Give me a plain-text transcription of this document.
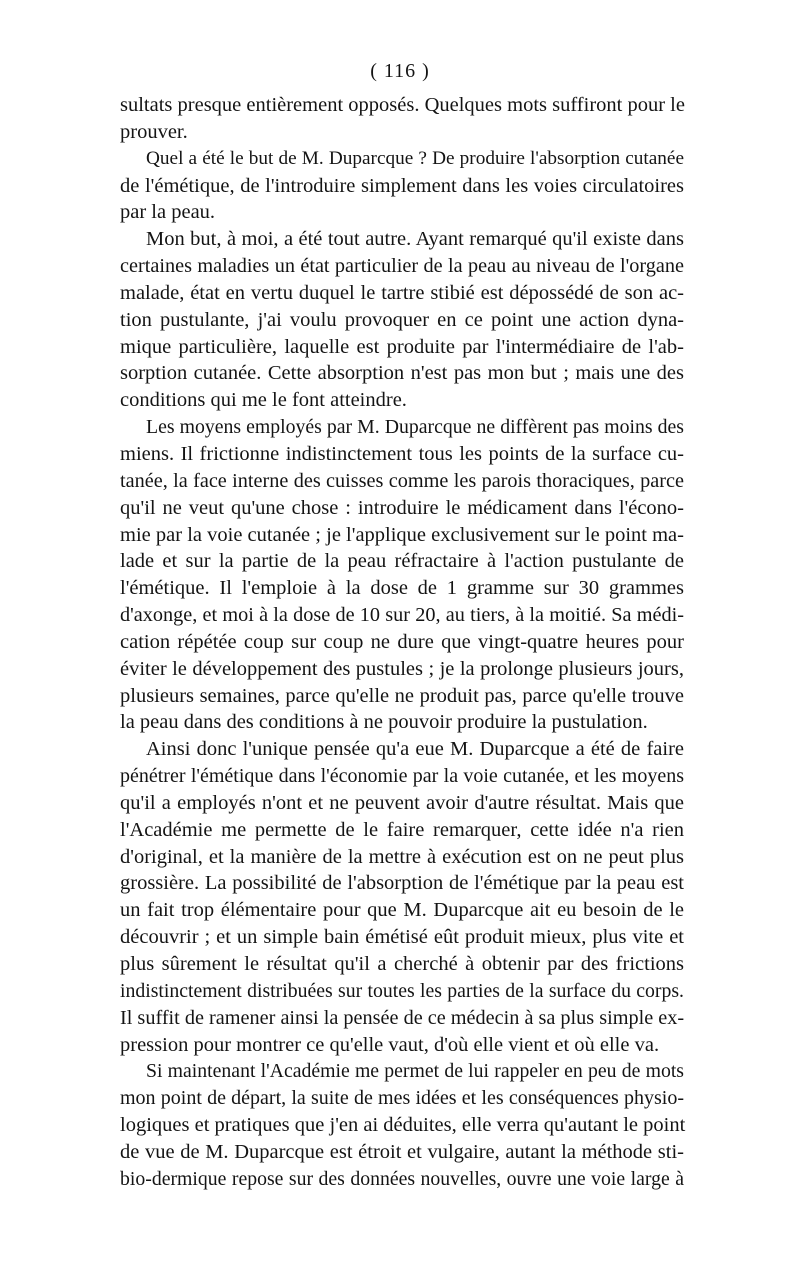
( 116 )
sultats presque entièrement opposés. Quelques mots suffiront pour le
prouver.
Quel a été le but de M. Duparcque ? De produire l'absorption cutanée
de l'émétique, de l'introduire simplement dans les voies circulatoires
par la peau.
Mon but, à moi, a été tout autre. Ayant remarqué qu'il existe dans
certaines maladies un état particulier de la peau au niveau de l'organe
malade, état en vertu duquel le tartre stibié est dépossédé de son ac-
tion pustulante, j'ai voulu provoquer en ce point une action dyna-
mique particulière, laquelle est produite par l'intermédiaire de l'ab-
sorption cutanée. Cette absorption n'est pas mon but ; mais une des
conditions qui me le font atteindre.
Les moyens employés par M. Duparcque ne diffèrent pas moins des
miens. Il frictionne indistinctement tous les points de la surface cu-
tanée, la face interne des cuisses comme les parois thoraciques, parce
qu'il ne veut qu'une chose : introduire le médicament dans l'écono-
mie par la voie cutanée ; je l'applique exclusivement sur le point ma-
lade et sur la partie de la peau réfractaire à l'action pustulante de
l'émétique. Il l'emploie à la dose de 1 gramme sur 30 grammes
d'axonge, et moi à la dose de 10 sur 20, au tiers, à la moitié. Sa médi-
cation répétée coup sur coup ne dure que vingt-quatre heures pour
éviter le développement des pustules ; je la prolonge plusieurs jours,
plusieurs semaines, parce qu'elle ne produit pas, parce qu'elle trouve
la peau dans des conditions à ne pouvoir produire la pustulation.
Ainsi donc l'unique pensée qu'a eue M. Duparcque a été de faire
pénétrer l'émétique dans l'économie par la voie cutanée, et les moyens
qu'il a employés n'ont et ne peuvent avoir d'autre résultat. Mais que
l'Académie me permette de le faire remarquer, cette idée n'a rien
d'original, et la manière de la mettre à exécution est on ne peut plus
grossière. La possibilité de l'absorption de l'émétique par la peau est
un fait trop élémentaire pour que M. Duparcque ait eu besoin de le
découvrir ; et un simple bain émétisé eût produit mieux, plus vite et
plus sûrement le résultat qu'il a cherché à obtenir par des frictions
indistinctement distribuées sur toutes les parties de la surface du corps.
Il suffit de ramener ainsi la pensée de ce médecin à sa plus simple ex-
pression pour montrer ce qu'elle vaut, d'où elle vient et où elle va.
Si maintenant l'Académie me permet de lui rappeler en peu de mots
mon point de départ, la suite de mes idées et les conséquences physio-
logiques et pratiques que j'en ai déduites, elle verra qu'autant le point
de vue de M. Duparcque est étroit et vulgaire, autant la méthode sti-
bio-dermique repose sur des données nouvelles, ouvre une voie large à
